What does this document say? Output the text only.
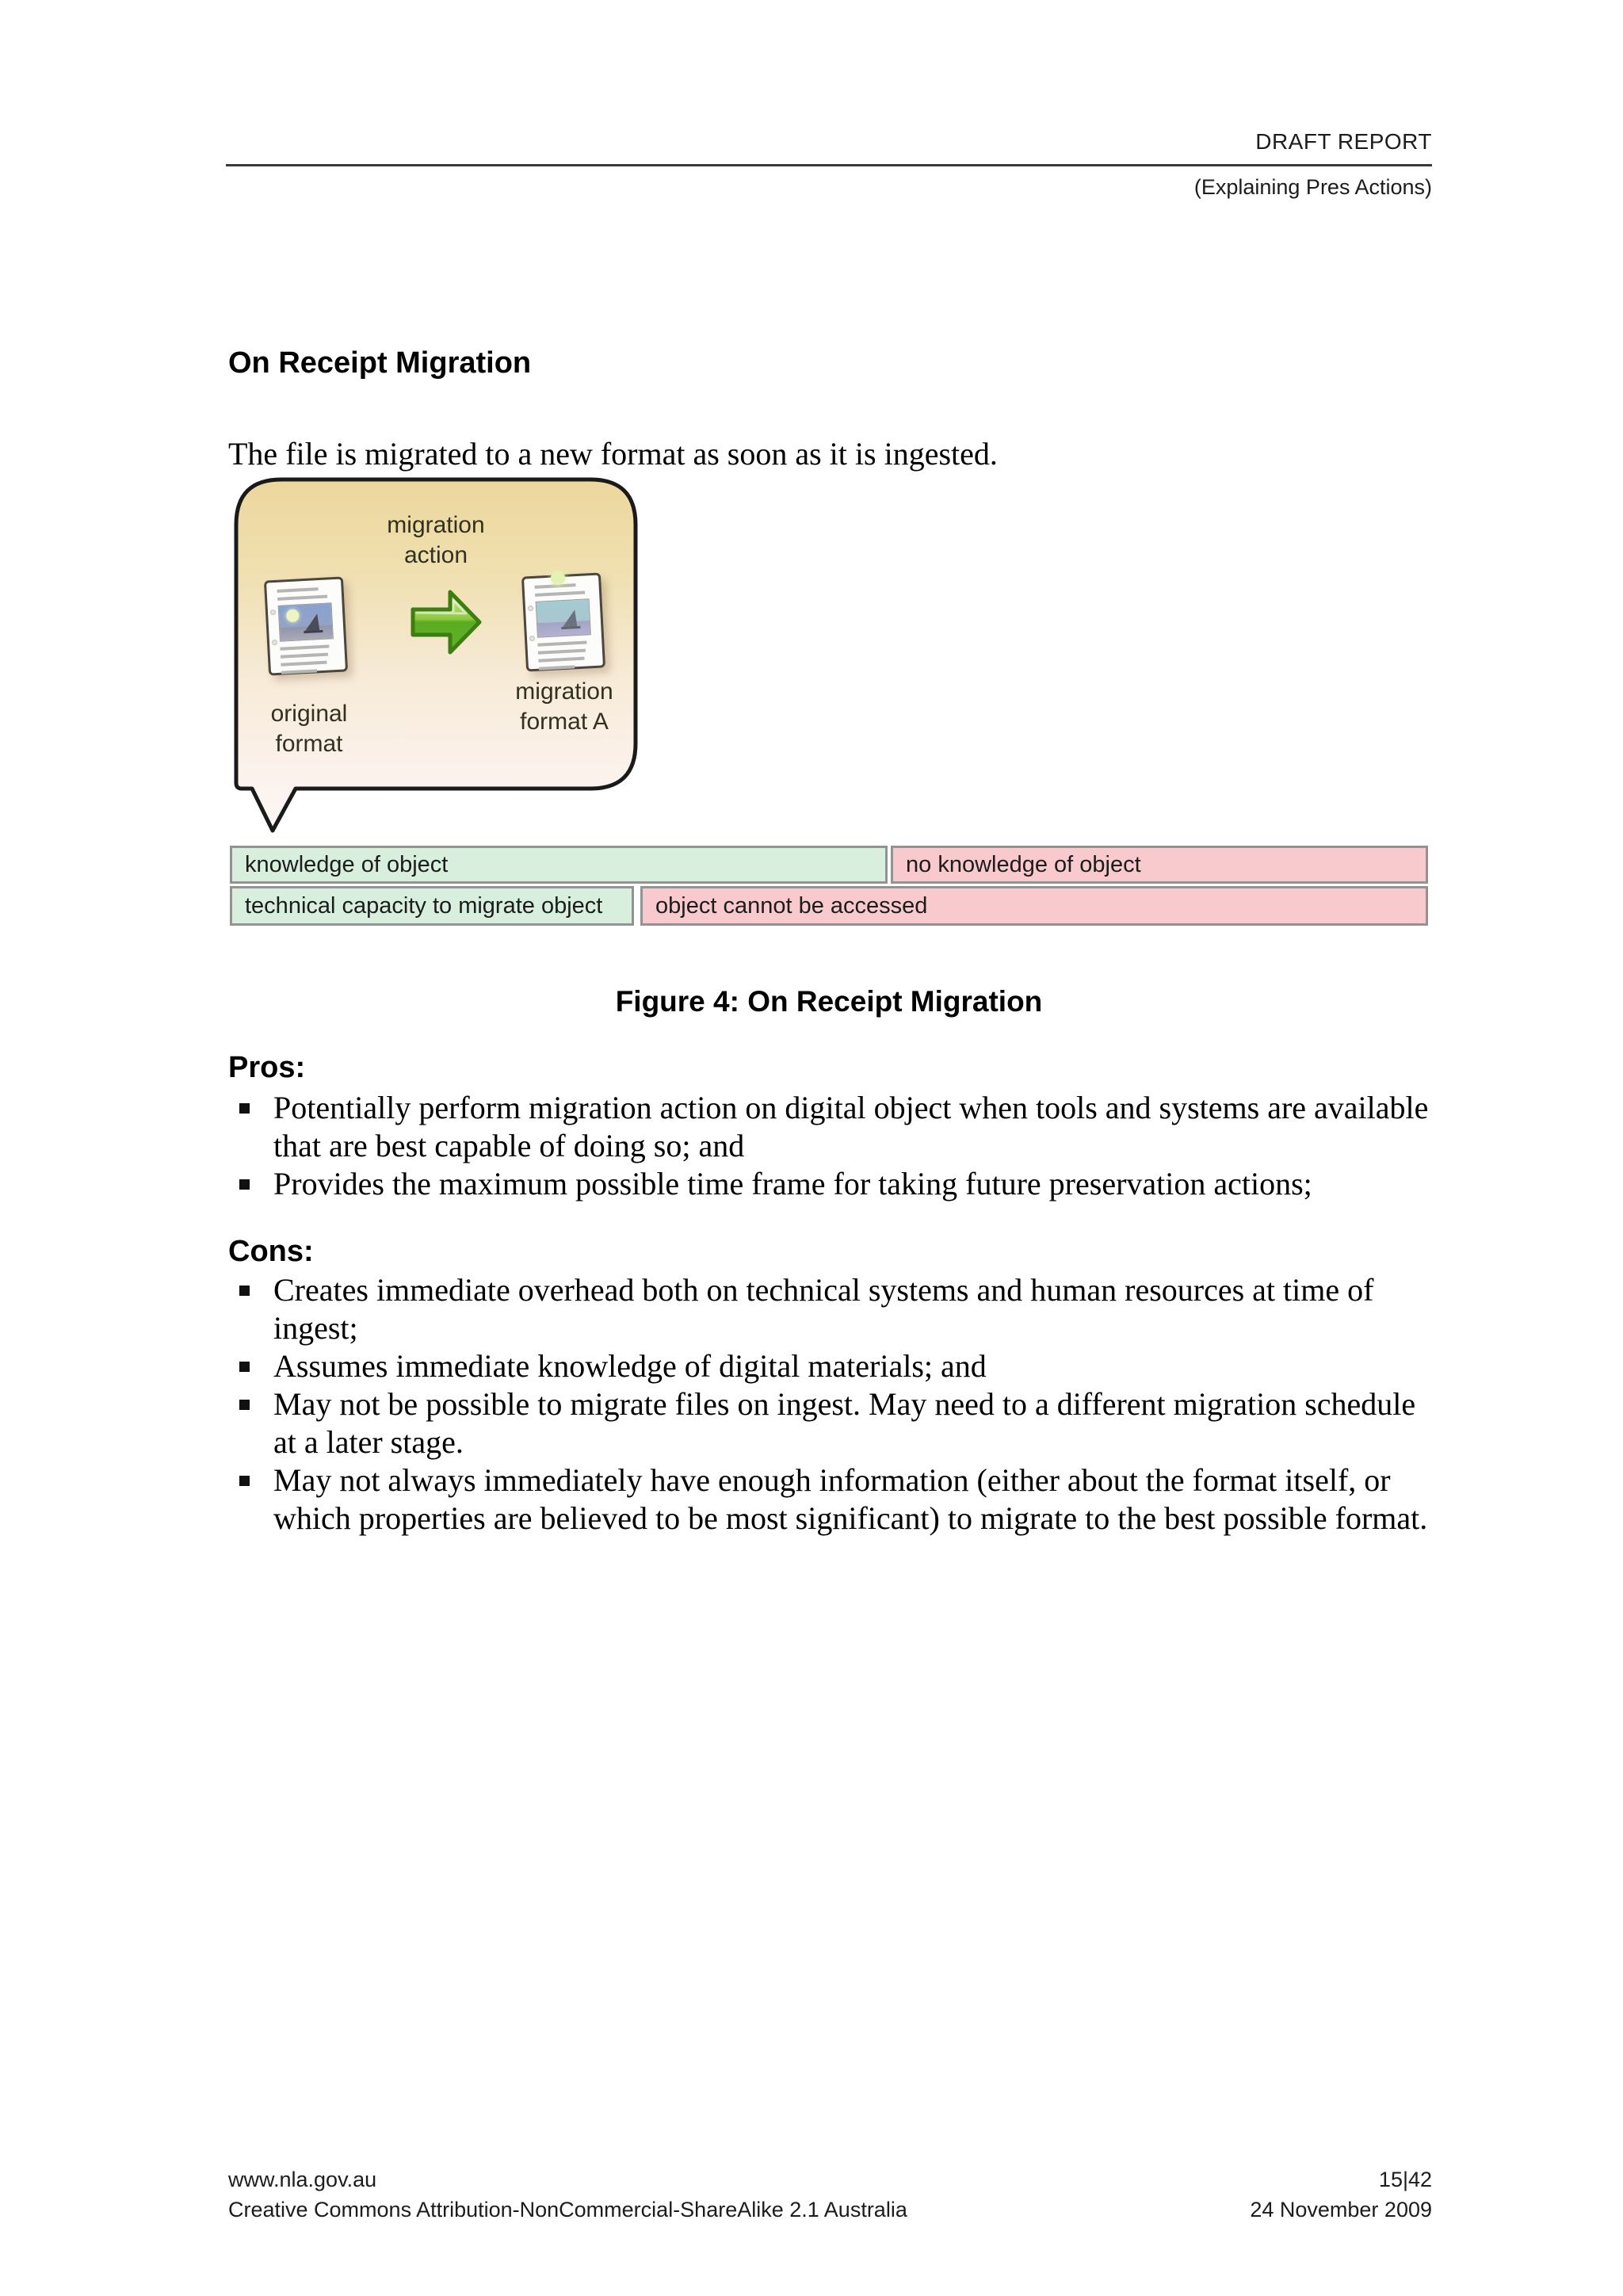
DRAFT REPORT
(Explaining Pres Actions)
On Receipt Migration
The file is migrated to a new format as soon as it is ingested.
migration
action
original
format
migration
format A
knowledge of object	no knowledge of object
technical capacity to migrate object	object cannot be accessed
Figure 4: On Receipt Migration
Pros:
Potentially perform migration action on digital object when tools and systems are available that are best capable of doing so; and
Provides the maximum possible time frame for taking future preservation actions;
Cons:
Creates immediate overhead both on technical systems and human resources at time of ingest;
Assumes immediate knowledge of digital materials; and
May not be possible to migrate files on ingest. May need to a different migration schedule at a later stage.
May not always immediately have enough information (either about the format itself, or which properties are believed to be most significant) to migrate to the best possible format.
www.nla.gov.au
Creative Commons Attribution-NonCommercial-ShareAlike 2.1 Australia
15|42
24 November 2009
